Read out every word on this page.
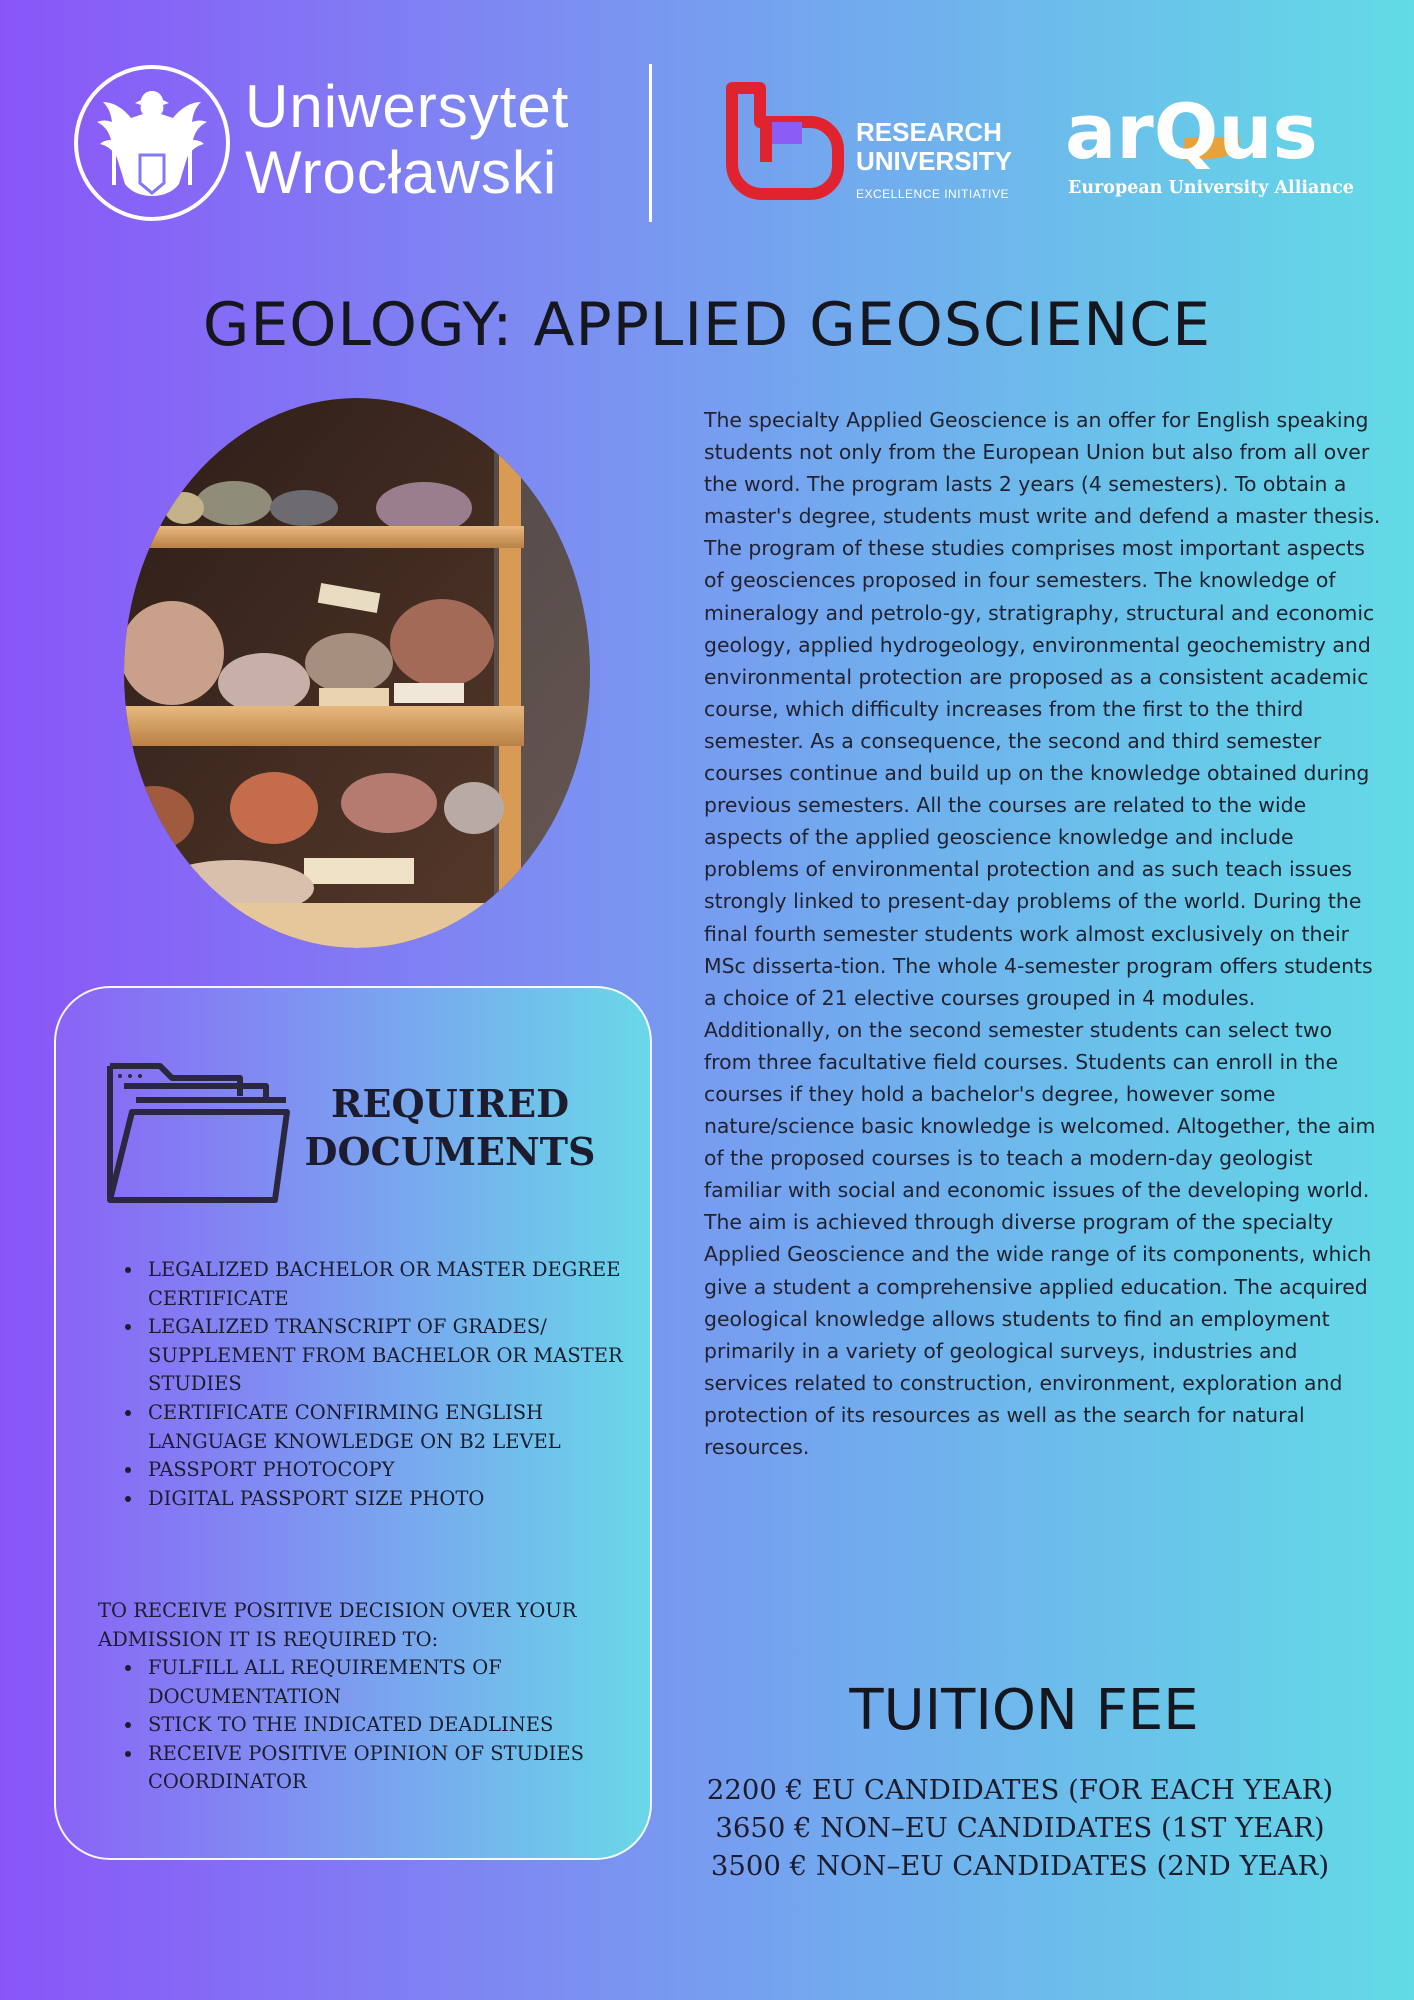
Uniwersytet
Wrocławski
RESEARCH
UNIVERSITY
EXCELLENCE INITIATIVE
arQus
European University Alliance
GEOLOGY: APPLIED GEOSCIENCE

The specialty Applied Geoscience is an offer for English speaking students not only from the European Union but also from all over the word. The program lasts 2 years (4 semesters). To obtain a master's degree, students must write and defend a master thesis. The program of these studies comprises most important aspects of geosciences proposed in four semesters. The knowledge of mineralogy and petrolo-gy, stratigraphy, structural and economic geology, applied hydrogeology, environmental geochemistry and environmental protection are proposed as a consistent academic course, which difficulty increases from the first to the third semester. As a consequence, the second and third semester courses continue and build up on the knowledge obtained during previous semesters. All the courses are related to the wide aspects of the applied geoscience knowledge and include problems of environmental protection and as such teach issues strongly linked to present-day problems of the world. During the final fourth semester students work almost exclusively on their MSc disserta-tion. The whole 4-semester program offers students a choice of 21 elective courses grouped in 4 modules.
Additionally, on the second semester students can select two from three facultative field courses. Students can enroll in the courses if they hold a bachelor's degree, however some nature/science basic knowledge is welcomed. Altogether, the aim of the proposed courses is to teach a modern-day geologist familiar with social and economic issues of the developing world. The aim is achieved through diverse program of the specialty Applied Geoscience and the wide range of its components, which give a student a comprehensive applied education. The acquired geological knowledge allows students to find an employment primarily in a variety of geological surveys, industries and services related to construction, environment, exploration and protection of its resources as well as the search for natural resources.

REQUIRED
DOCUMENTS
• LEGALIZED BACHELOR OR MASTER DEGREE CERTIFICATE
• LEGALIZED TRANSCRIPT OF GRADES/ SUPPLEMENT FROM BACHELOR OR MASTER STUDIES
• CERTIFICATE CONFIRMING ENGLISH LANGUAGE KNOWLEDGE ON B2 LEVEL
• PASSPORT PHOTOCOPY
• DIGITAL PASSPORT SIZE PHOTO

TO RECEIVE POSITIVE DECISION OVER YOUR ADMISSION IT IS REQUIRED TO:

• FULFILL ALL REQUIREMENTS OF DOCUMENTATION
• STICK TO THE INDICATED DEADLINES
• RECEIVE POSITIVE OPINION OF STUDIES COORDINATOR
TUITION FEE
2200 € EU CANDIDATES (FOR EACH YEAR)
3650 € NON–EU CANDIDATES (1ST YEAR)
3500 € NON–EU CANDIDATES (2ND YEAR)
